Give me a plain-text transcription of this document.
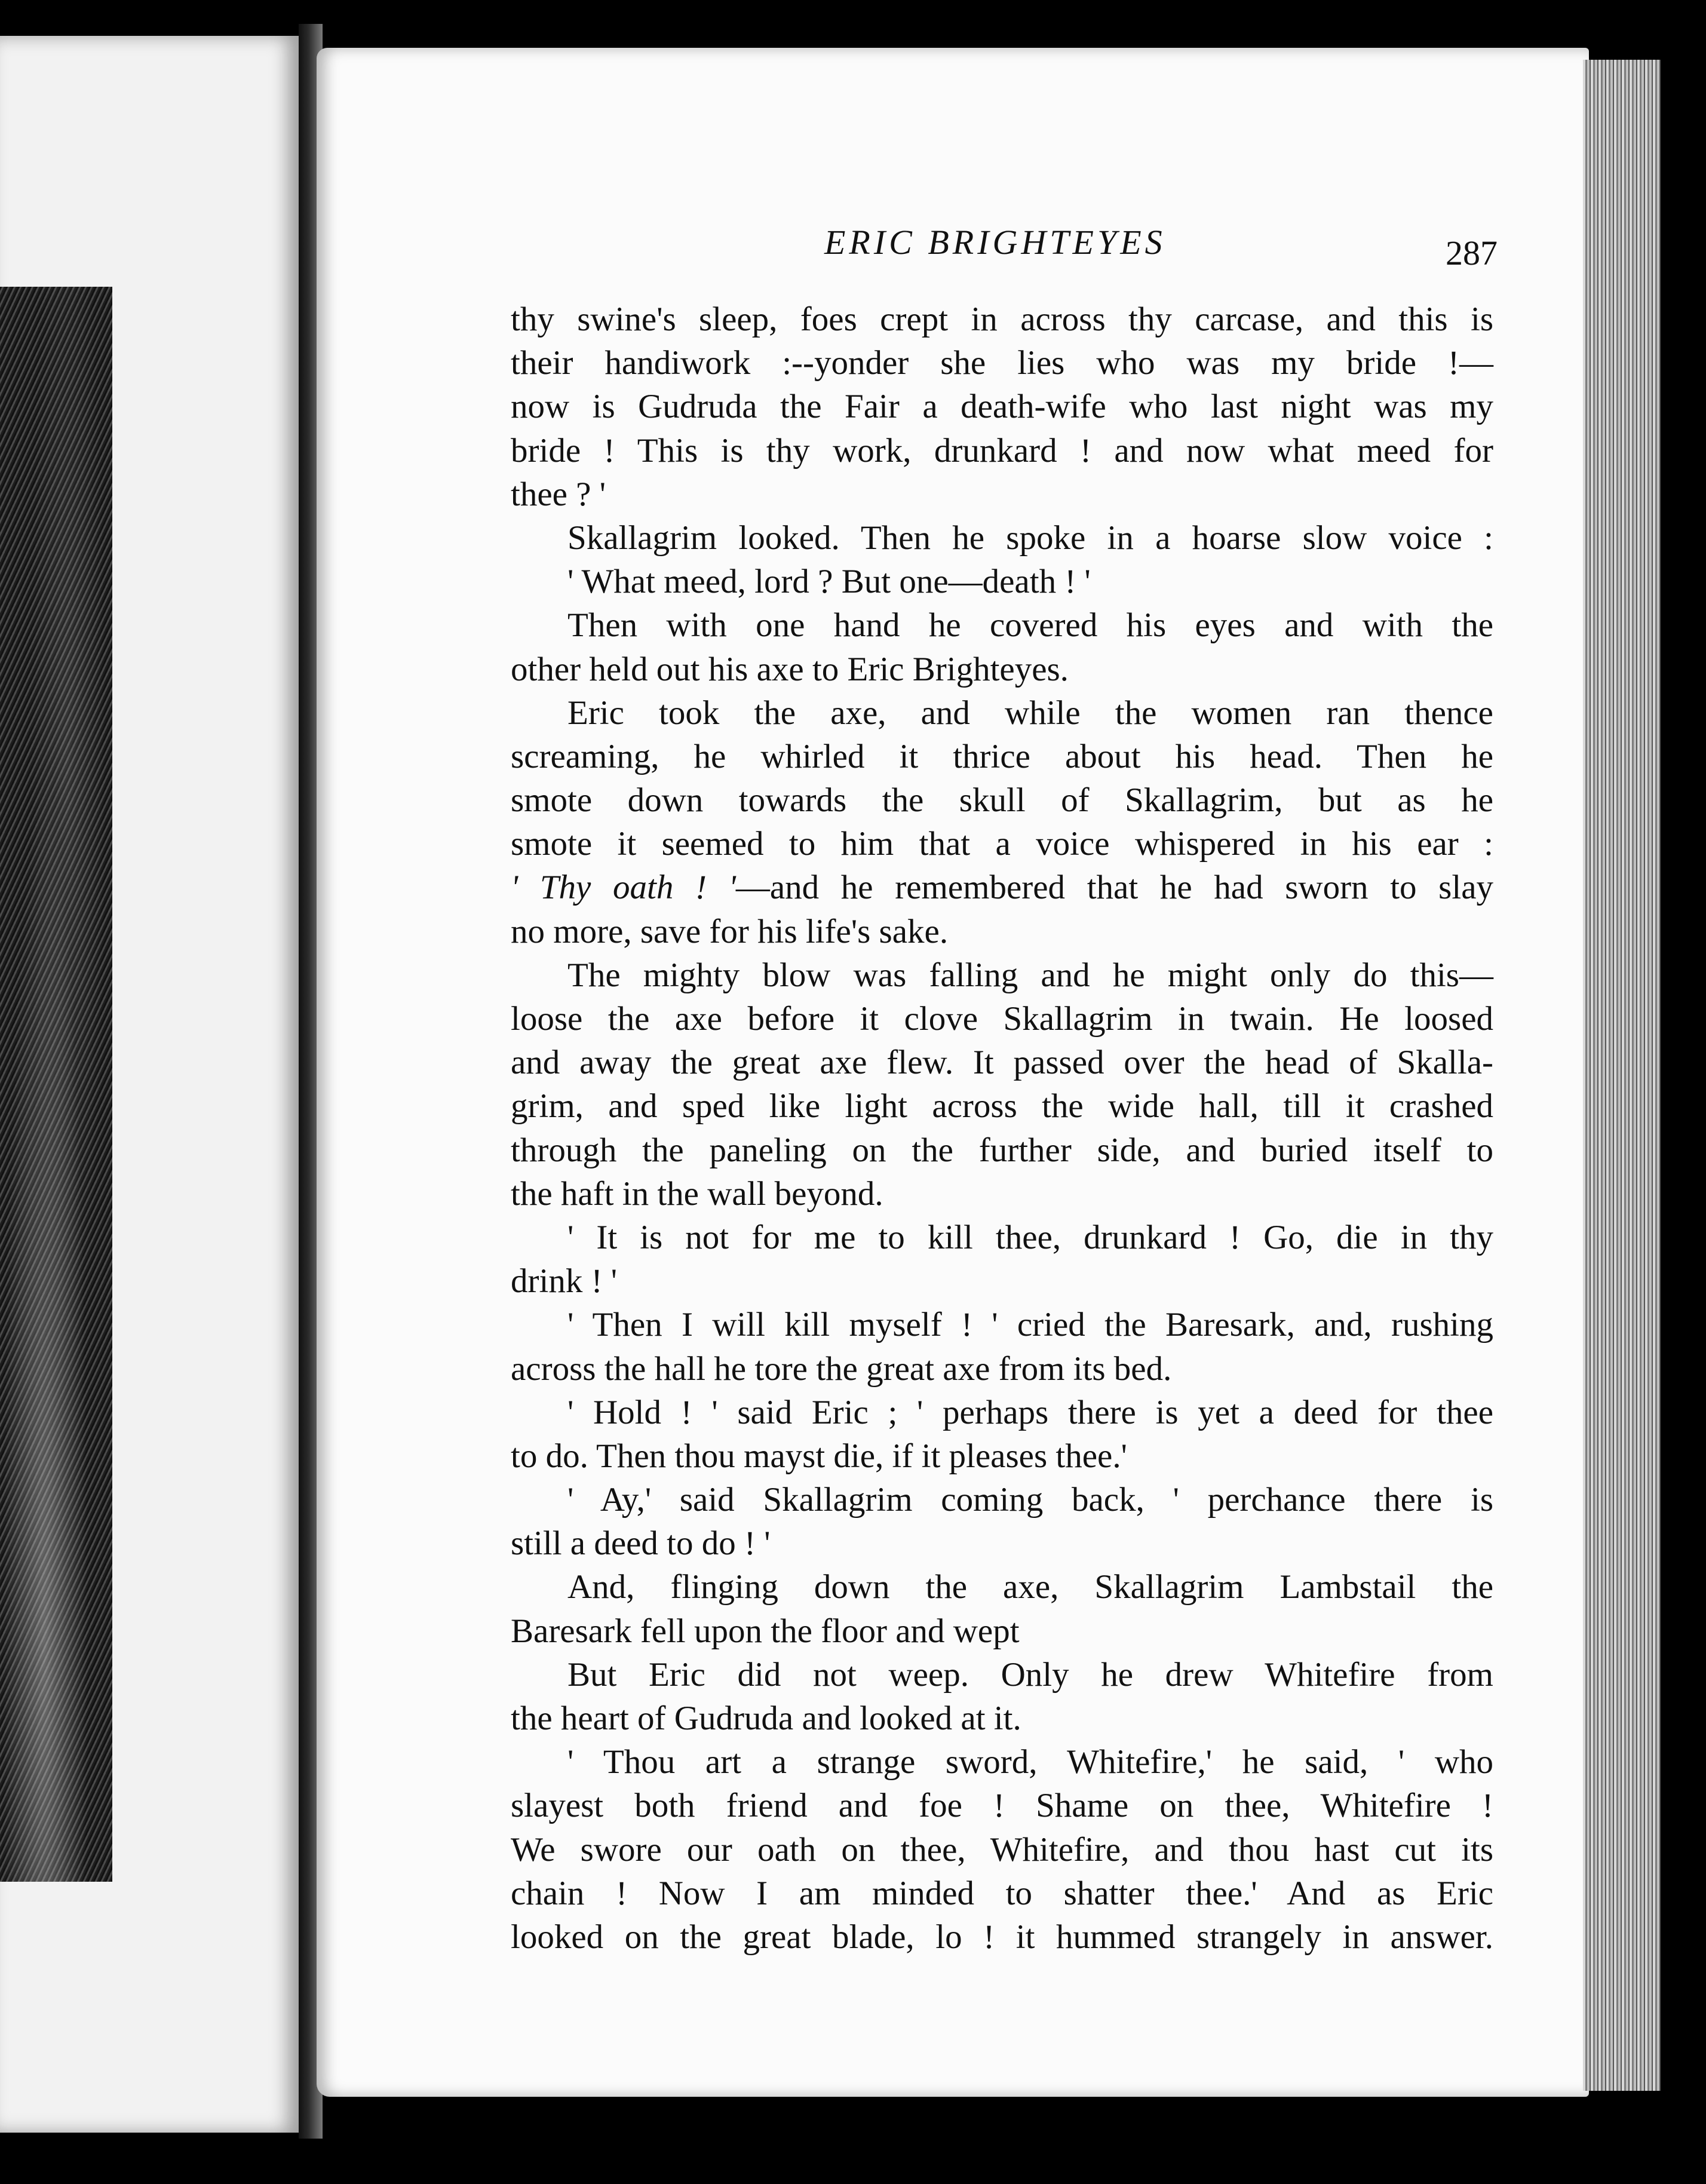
ERIC BRIGHTEYES	287
thy swine's sleep, foes crept in across thy carcase, and this is
their handiwork :--yonder she lies who was my bride !—
now is Gudruda the Fair a death-wife who last night was my
bride ! This is thy work, drunkard ! and now what meed for
thee ? '
Skallagrim looked. Then he spoke in a hoarse slow voice :
' What meed, lord ? But one—death ! '
Then with one hand he covered his eyes and with the
other held out his axe to Eric Brighteyes.
Eric took the axe, and while the women ran thence
screaming, he whirled it thrice about his head. Then he
smote down towards the skull of Skallagrim, but as he
smote it seemed to him that a voice whispered in his ear :
' Thy oath ! '—and he remembered that he had sworn to slay
no more, save for his life's sake.
The mighty blow was falling and he might only do this—
loose the axe before it clove Skallagrim in twain. He loosed
and away the great axe flew. It passed over the head of Skalla-
grim, and sped like light across the wide hall, till it crashed
through the paneling on the further side, and buried itself to
the haft in the wall beyond.
' It is not for me to kill thee, drunkard ! Go, die in thy
drink ! '
' Then I will kill myself ! ' cried the Baresark, and, rushing
across the hall he tore the great axe from its bed.
' Hold ! ' said Eric ; ' perhaps there is yet a deed for thee
to do. Then thou mayst die, if it pleases thee.'
' Ay,' said Skallagrim coming back, ' perchance there is
still a deed to do ! '
And, flinging down the axe, Skallagrim Lambstail the
Baresark fell upon the floor and wept
But Eric did not weep. Only he drew Whitefire from
the heart of Gudruda and looked at it.
' Thou art a strange sword, Whitefire,' he said, ' who
slayest both friend and foe ! Shame on thee, Whitefire !
We swore our oath on thee, Whitefire, and thou hast cut its
chain ! Now I am minded to shatter thee.' And as Eric
looked on the great blade, lo ! it hummed strangely in answer.
